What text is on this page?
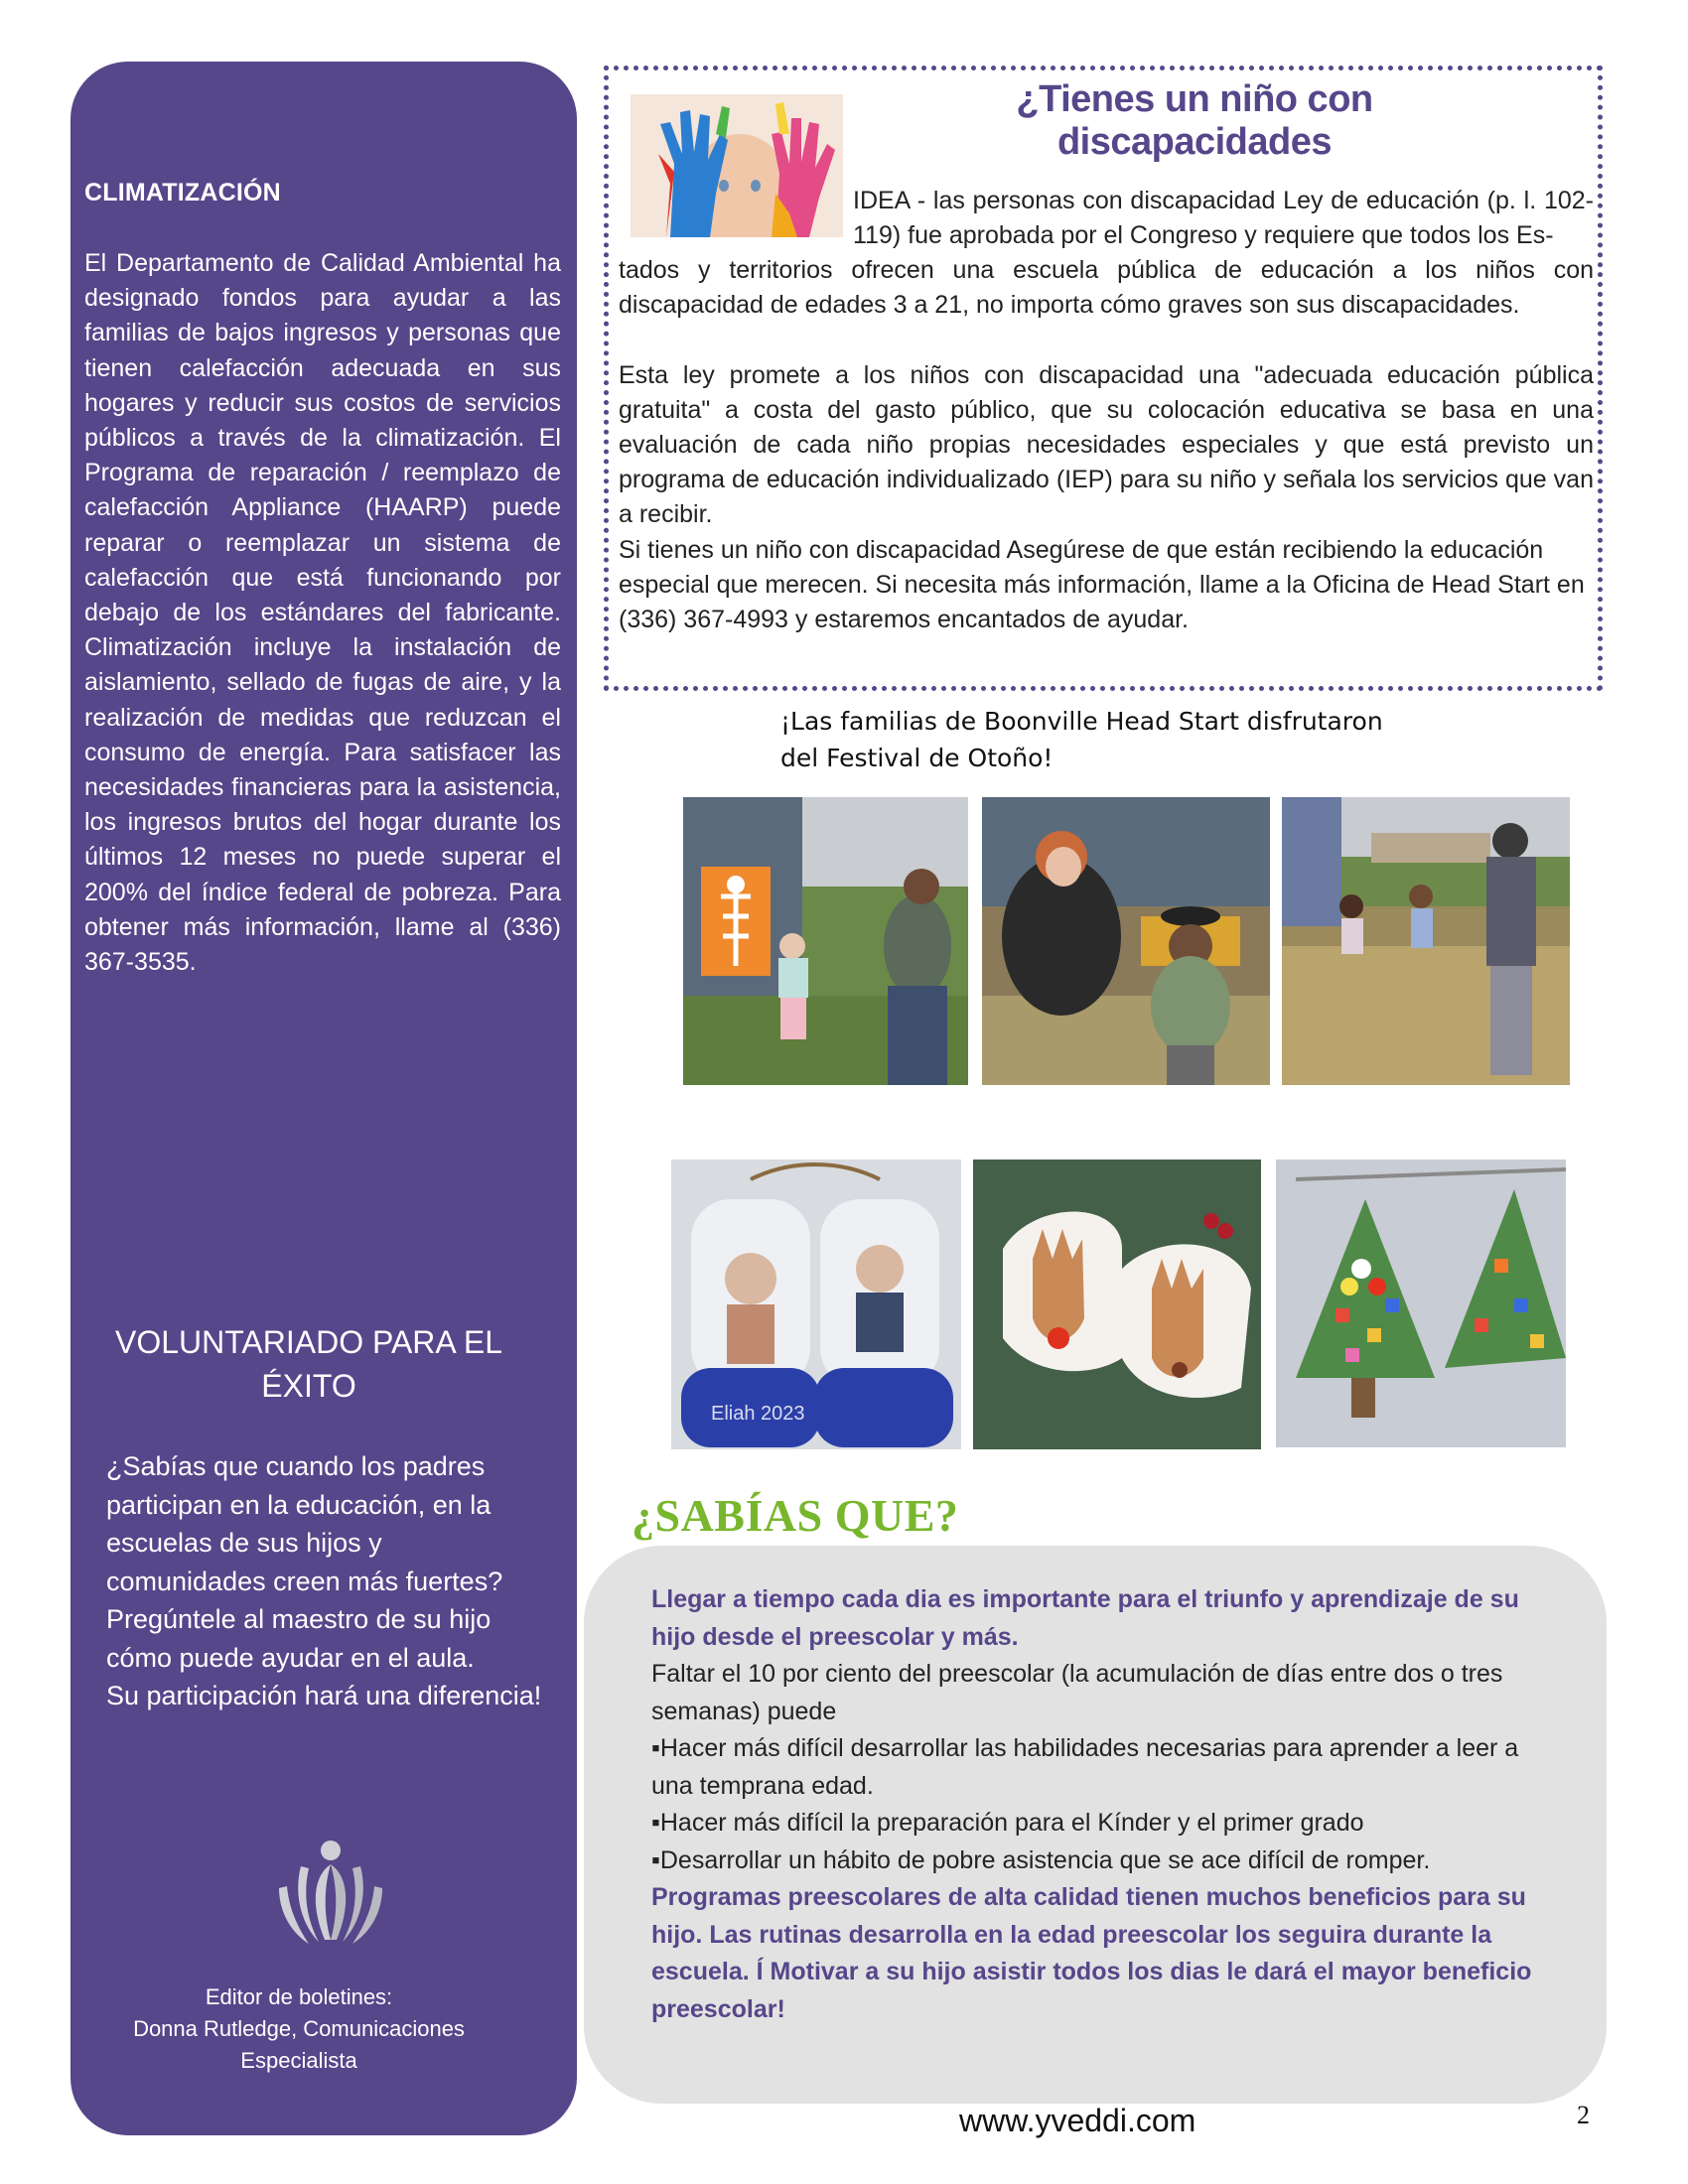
CLIMATIZACIÓN
El Departamento de Calidad Ambiental ha designado fondos para ayudar a las familias de bajos ingresos y personas que tienen calefacción adecuada en sus hogares y reducir sus costos de servicios públicos a través de la climatización. El Programa de reparación / reemplazo de calefacción Appliance (HAARP) puede reparar o reemplazar un sistema de calefacción que está funcionando por debajo de los estándares del fabricante. Climatización incluye la instalación de aislamiento, sellado de fugas de aire, y la realización de medidas que reduzcan el consumo de energía. Para satisfacer las necesidades financieras para la asistencia, los ingresos brutos del hogar durante los últimos 12 meses no puede superar el 200% del índice federal de pobreza. Para obtener más información, llame al (336) 367-3535.
VOLUNTARIADO PARA EL ÉXITO

¿Sabías que cuando los padres participan en la educación, en la escuelas de sus hijos y comunidades creen más fuertes?

Pregúntele al maestro de su hijo cómo puede ayudar en el aula.

Su participación hará una diferencia!

Editor de boletines:
Donna Rutledge, Comunicaciones
Especialista
¿Tienes un niño con discapacidades
IDEA - las personas con discapacidad Ley de educación (p. l. 102-119) fue aprobada por el Congreso y requiere que todos los Es-
tados y territorios ofrecen una escuela pública de educación a los niños con discapacidad de edades 3 a 21, no importa cómo graves son sus discapacidades.
Esta ley promete a los niños con discapacidad una "adecuada educación pública gratuita" a costa del gasto público, que su colocación educativa se basa en una evaluación de cada niño propias necesidades especiales y que está previsto un programa de educación individualizado (IEP) para su niño y señala los servicios que van a recibir.
Si tienes un niño con discapacidad Asegúrese de que están recibiendo la educación especial que merecen. Si necesita más información, llame a la Oficina de Head Start en (336) 367-4993 y estaremos encantados de ayudar.
¡Las familias de Boonville Head Start disfrutaron
del Festival de Otoño!
Eliah 2023
¿SABÍAS QUE?
Llegar a tiempo cada dia es importante para el triunfo y aprendizaje de su hijo desde el preescolar y más.
Faltar el 10 por ciento del preescolar (la acumulación de días entre dos o tres semanas) puede
▪Hacer más difícil desarrollar las habilidades necesarias para aprender a leer a una temprana edad.
▪Hacer más difícil la preparación para el Kínder y el primer grado
▪Desarrollar un hábito de pobre asistencia que se ace difícil de romper.
Programas preescolares de alta calidad tienen muchos beneficios para su hijo. Las rutinas desarrolla en la edad preescolar los seguira durante la escuela. Í Motivar a su hijo asistir todos los dias le dará el mayor beneficio preescolar!
www.yveddi.com	2
